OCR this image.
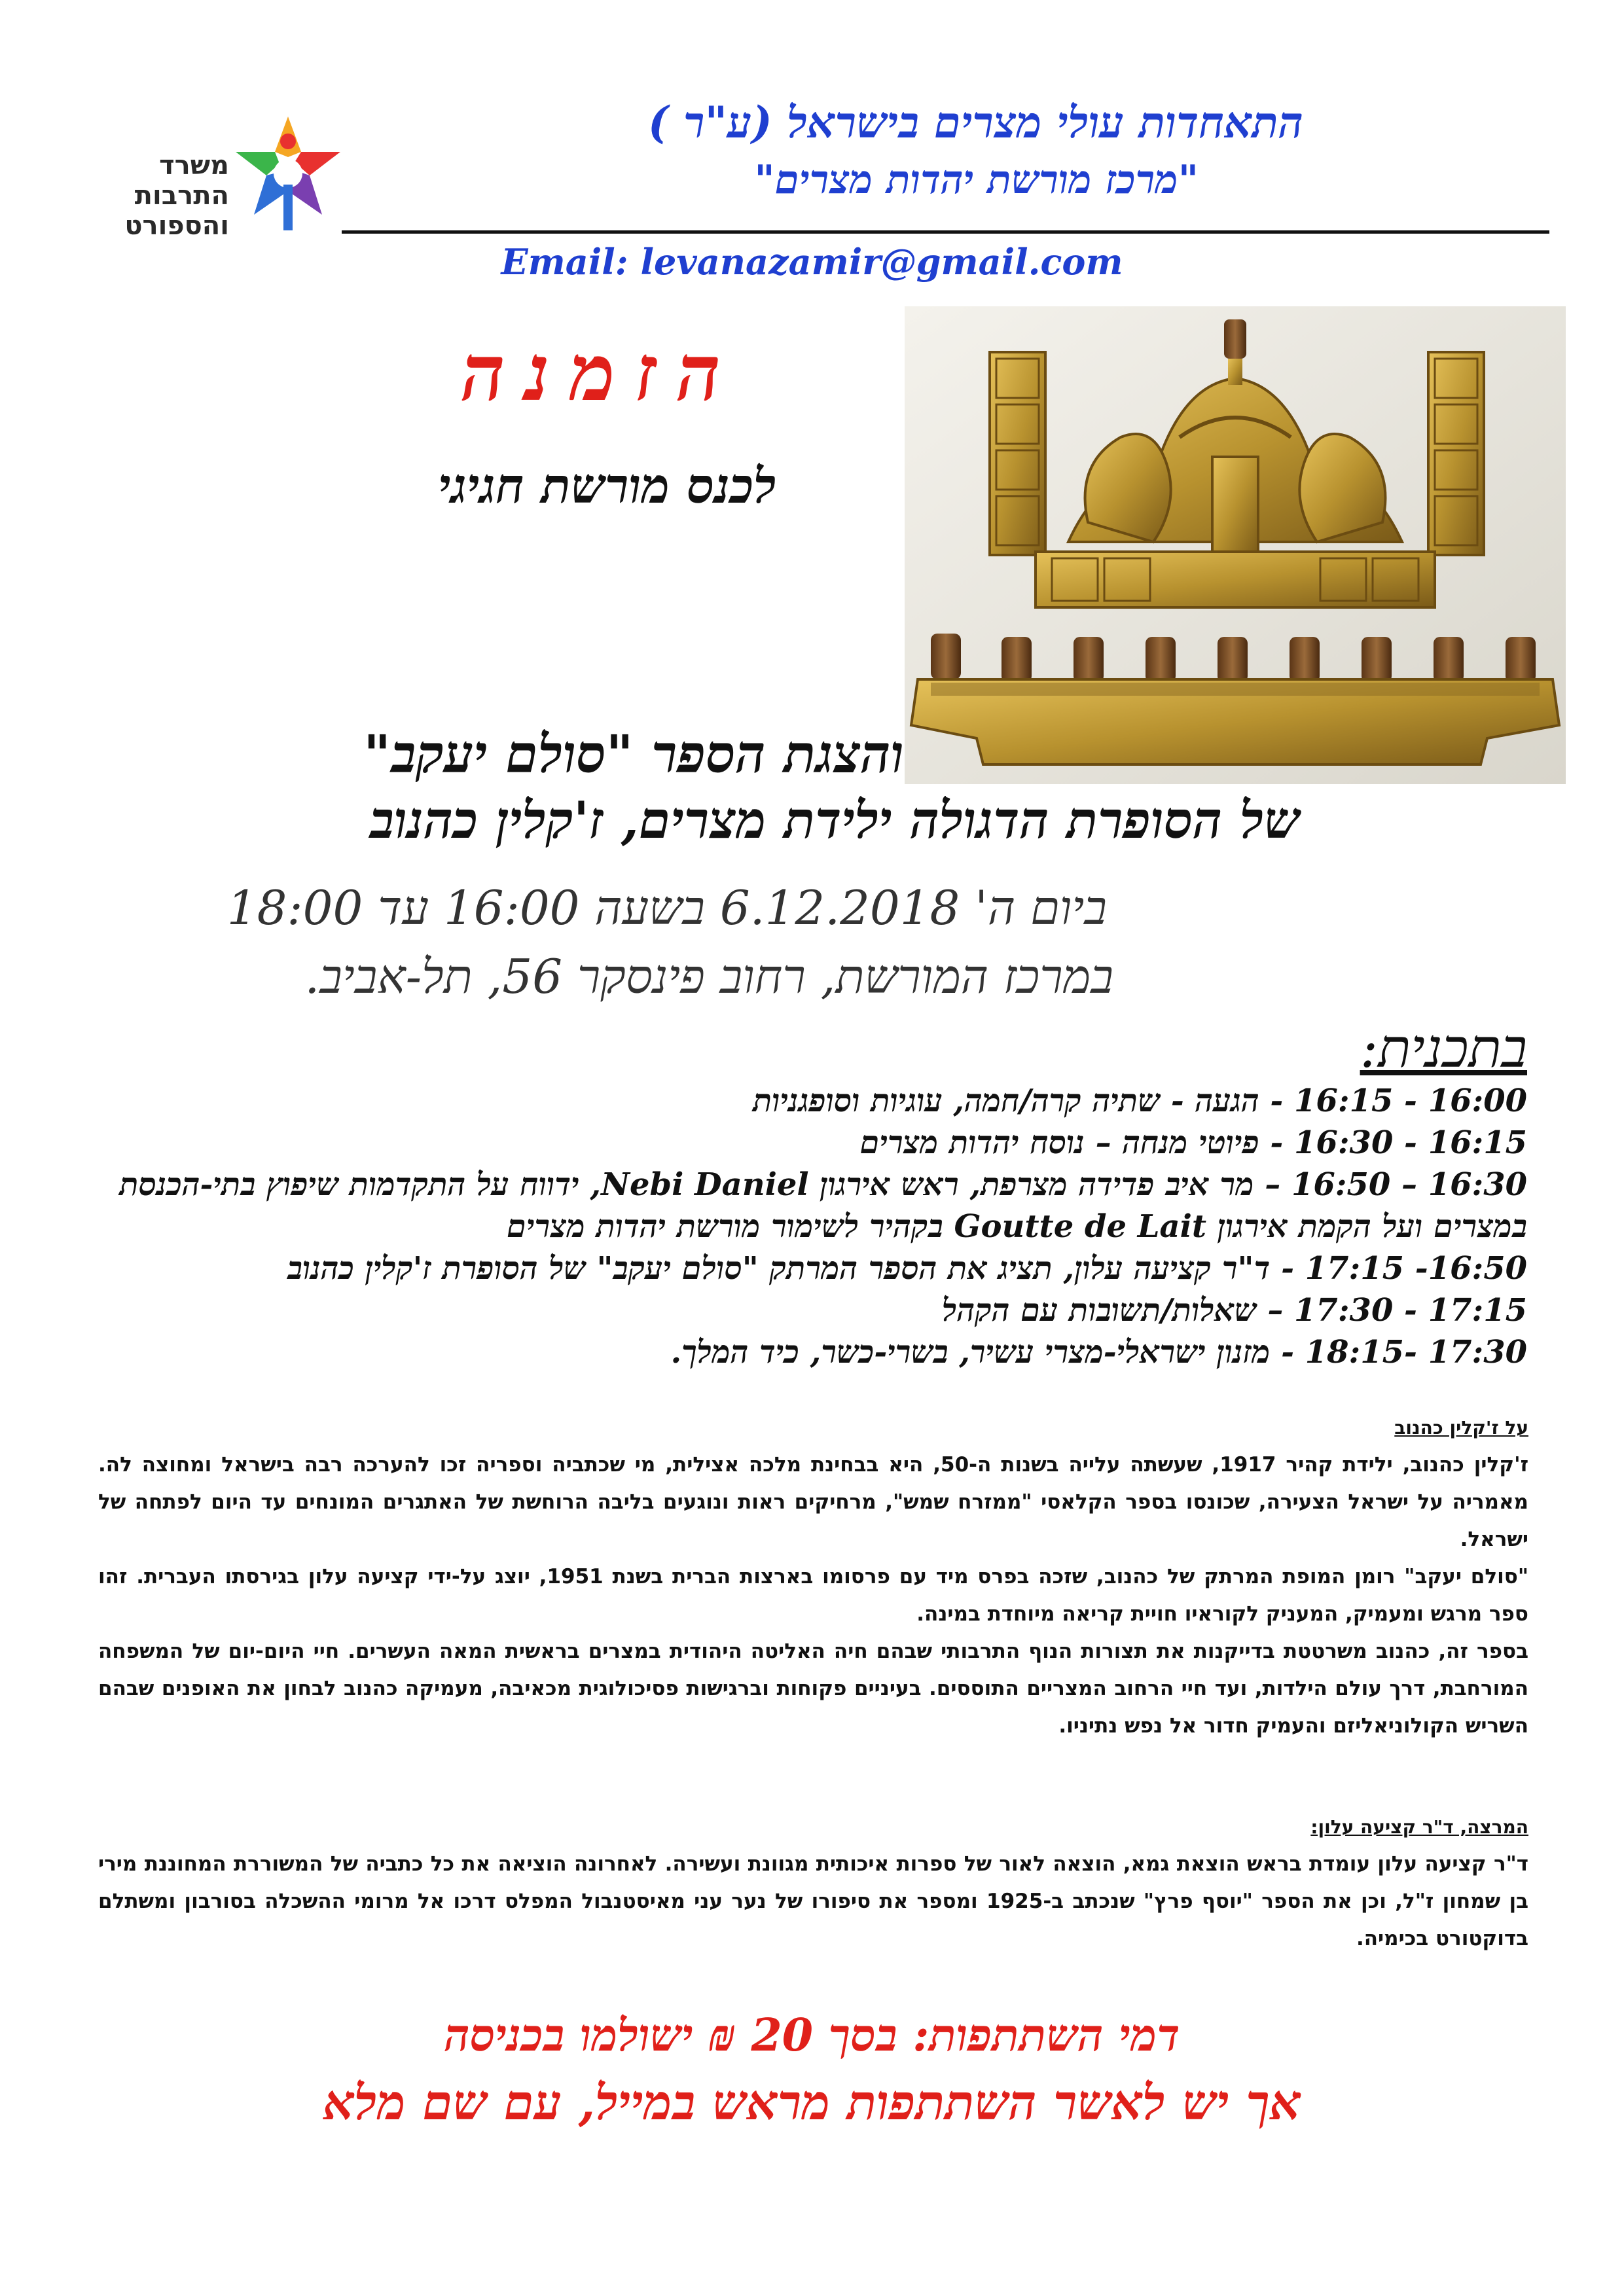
משרד
התרבות
והספורט
התאחדות עולי מצרים בישראל (ע"ר )
"מרכז מורשת יהדות מצרים"
Email: levanazamir@gmail.com
הזמנה
לכנס מורשת חגיגי
והצגת הספר "סולם יעקב"
של הסופרת הדגולה ילידת מצרים, ז'קלין כהנוב
ביום ה' 6.12.2018 בשעה 16:00 עד 18:00
במרכז המורשת, רחוב פינסקר 56, תל-אביב.
בתכנית:

16:00 - 16:15 - הגעה - שתיה קרה/חמה, עוגיות וסופגניות

16:15 - 16:30 - פיוטי מנחה – נוסח יהדות מצרים

16:30 – 16:50 – מר איב פדידה מצרפת, ראש אירגון Nebi Daniel, ידווח על התקדמות שיפוץ בתי-הכנסת במצרים ועל הקמת אירגון Goutte de Lait בקהיר לשימור מורשת יהדות מצרים

16:50- 17:15 - ד"ר קציעה עלון, תציג את הספר המרתק "סולם יעקב" של הסופרת ז'קלין כהנוב

17:15 - 17:30 – שאלות/תשובות עם הקהל

17:30 -18:15 - מזנון ישראלי-מצרי עשיר, בשרי-כשר, כיד המלך.

על ז'קלין כהנוב

ז'קלין כהנוב, ילידת קהיר 1917, שעשתה עלייה בשנות ה-50, היא בבחינת מלכה אצילית, מי שכתביה וספריה זכו להערכה רבה בישראל ומחוצה לה. מאמריה על ישראל הצעירה, שכונסו בספר הקלאסי "ממזרח שמש", מרחיקים ראות ונוגעים בליבה הרוחשת של האתגרים המונחים עד היום לפתחה של ישראל.

"סולם יעקב" רומן המופת המרתק של כהנוב, שזכה בפרס מיד עם פרסומו בארצות הברית בשנת 1951, יוצג על-ידי קציעה עלון בגירסתו העברית. זהו ספר מרגש ומעמיק, המעניק לקוראיו חויית קריאה מיוחדת במינה.

בספר זה, כהנוב משרטטת בדייקנות את תצורות הנוף התרבותי שבהם חיה האליטה היהודית במצרים בראשית המאה העשרים. חיי היום-יום של המשפחה המורחבת, דרך עולם הילדות, ועד חיי הרחוב המצריים התוססים. בעיניים פקוחות וברגישות פסיכולוגית מכאיבה, מעמיקה כהנוב לבחון את האופנים שבהם השריש הקולוניאליזם והעמיק חדור אל נפש נתיניו.

המרצה, ד"ר קציעה עלון:

ד"ר קציעה עלון עומדת בראש הוצאת גמא, הוצאה לאור של ספרות איכותית מגוונת ועשירה. לאחרונה הוציאה את כל כתביה של המשוררת המחוננת מירי בן שמחון ז"ל, וכן את הספר "יוסף פרץ" שנכתב ב-1925 ומספר את סיפורו של נער עני מאיסטנבול המפלס דרכו אל מרומי ההשכלה בסורבון ומשתלם בדוקטורט בכימיה.

דמי השתתפות: בסך 20 ₪ ישולמו בכניסה
אך יש לאשר השתתפות מראש במייל, עם שם מלא
